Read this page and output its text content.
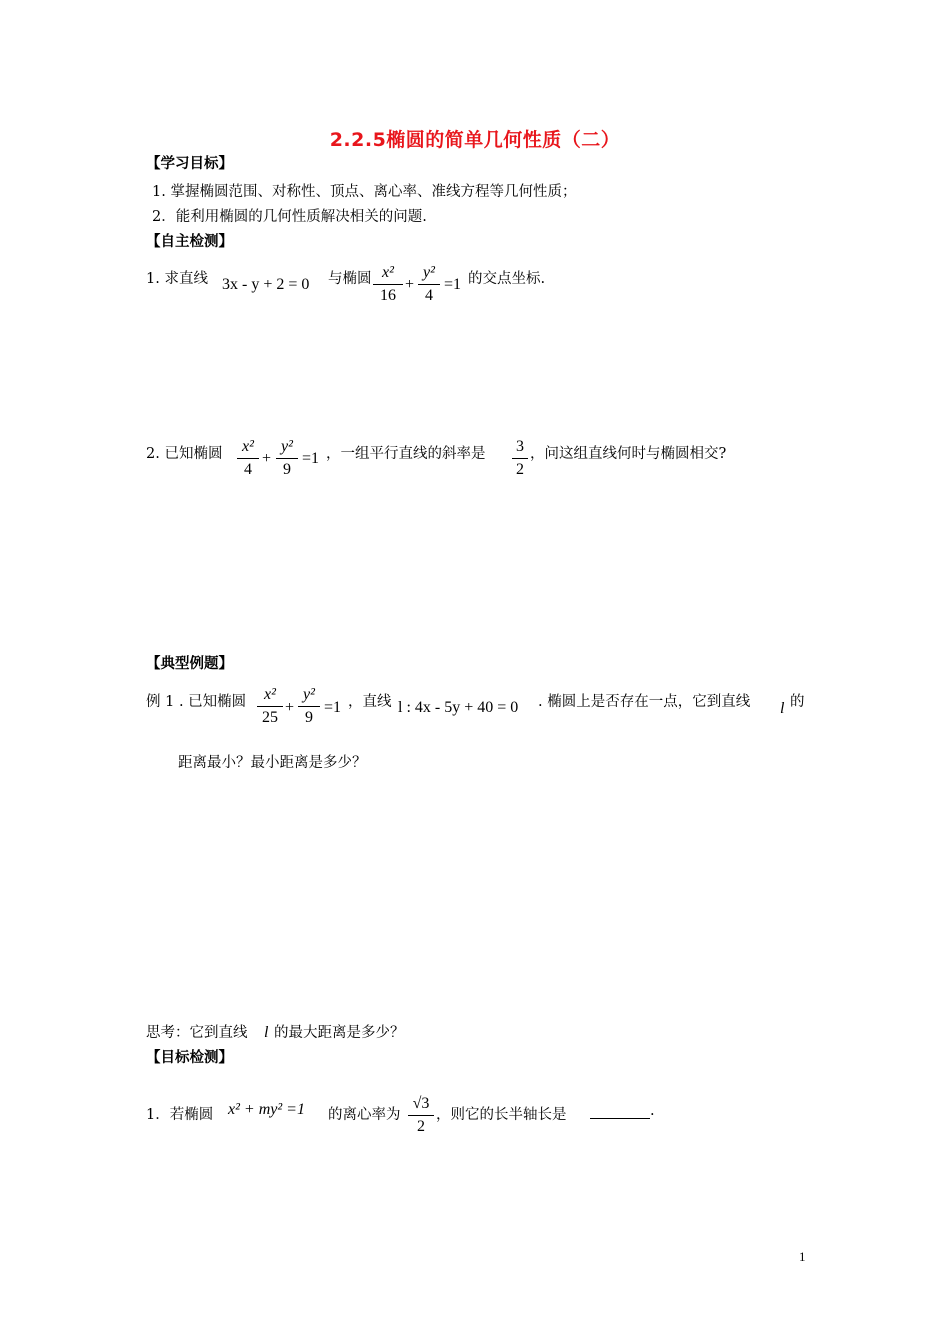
2.2.5椭圆的简单几何性质（二）
【学习目标】
1. 掌握椭圆范围、对称性、顶点、离心率、准线方程等几何性质；
2．能利用椭圆的几何性质解决相关的问题.
【自主检测】
1. 求直线 3x - y + 2 = 0 与椭圆 x²
16
+
y²
4
=1 的交点坐标.
2. 已知椭圆	x²
4
+
y²
9
=1 ，一组平行直线的斜率是 3
2
，问这组直线何时与椭圆相交?
【典型例题】
例 1 . 已知椭圆	x²
25
+
y²
9
=1 ，直线 l : 4x - 5y + 40 = 0 . 椭圆上是否存在一点，它到直线 l 的
距离最小？最小距离是多少？
思考：它到直线 l 的最大距离是多少？
【目标检测】
1．若椭圆 x² + my² =1 的离心率为
√3
2
，则它的长半轴长是	.
1
